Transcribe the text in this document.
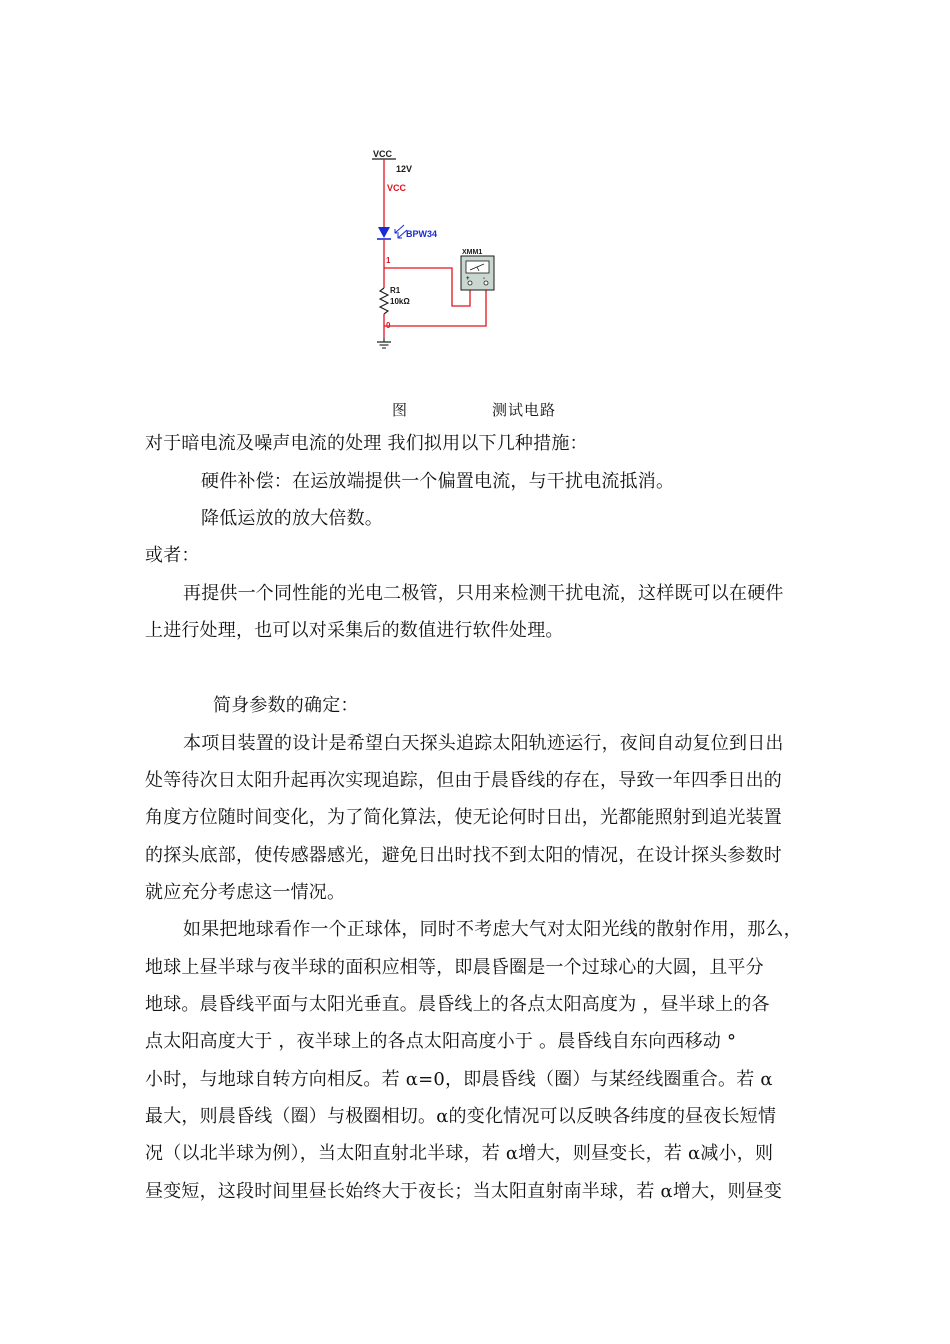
VCC
12V
VCC
BPW34
1
R1
10kΩ
0
+ -
XMM1
图	测试电路
对于暗电流及噪声电流的处理 我们拟用以下几种措施：
硬件补偿：在运放端提供一个偏置电流，与干扰电流抵消。
降低运放的放大倍数。
或者：
再提供一个同性能的光电二极管，只用来检测干扰电流，这样既可以在硬件
上进行处理，也可以对采集后的数值进行软件处理。
简身参数的确定：
本项目装置的设计是希望白天探头追踪太阳轨迹运行，夜间自动复位到日出
处等待次日太阳升起再次实现追踪，但由于晨昏线的存在，导致一年四季日出的
角度方位随时间变化，为了简化算法，使无论何时日出，光都能照射到追光装置
的探头底部，使传感器感光，避免日出时找不到太阳的情况，在设计探头参数时
就应充分考虑这一情况。
如果把地球看作一个正球体，同时不考虑大气对太阳光线的散射作用，那么，
地球上昼半球与夜半球的面积应相等，即晨昏圈是一个过球心的大圆，且平分
地球。晨昏线平面与太阳光垂直。晨昏线上的各点太阳高度为 ，昼半球上的各
点太阳高度大于 ，夜半球上的各点太阳高度小于 。晨昏线自东向西移动 °
小时，与地球自转方向相反。若 α=0，即晨昏线（圈）与某经线圈重合。若 α
最大，则晨昏线（圈）与极圈相切。α的变化情况可以反映各纬度的昼夜长短情
况（以北半球为例），当太阳直射北半球，若 α增大，则昼变长，若 α减小，则
昼变短，这段时间里昼长始终大于夜长；当太阳直射南半球，若 α增大，则昼变
